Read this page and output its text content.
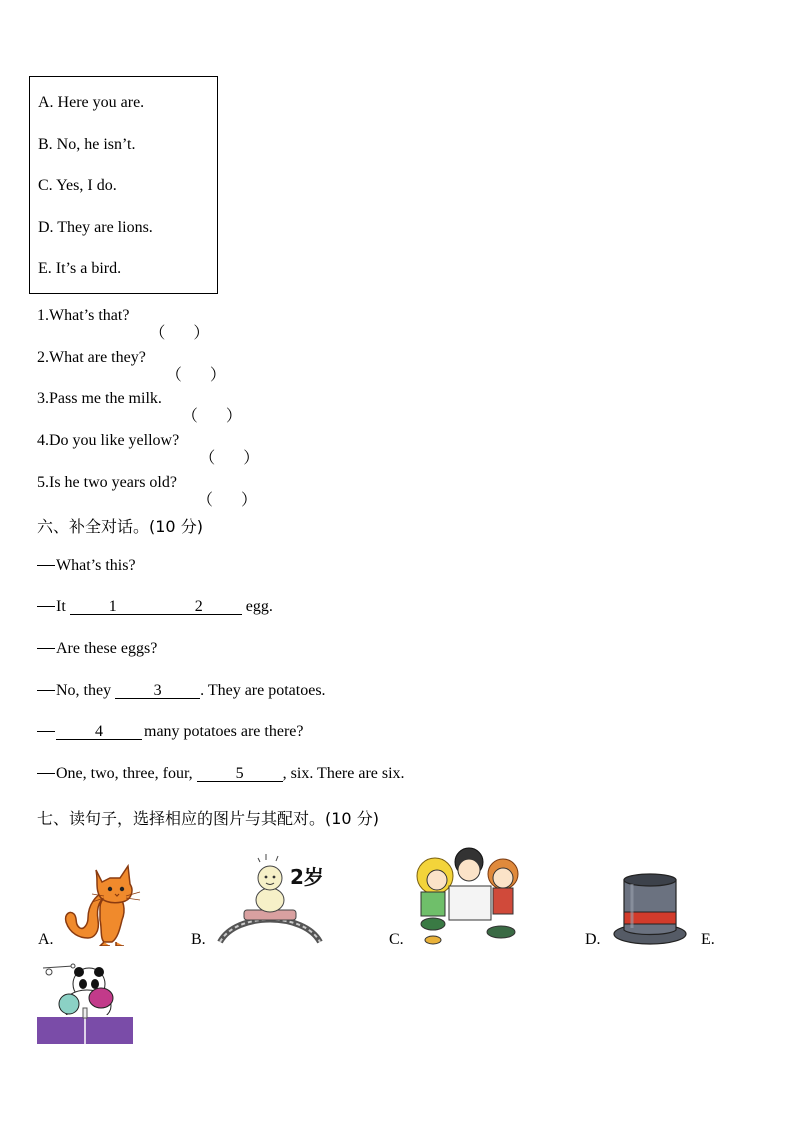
A. Here you are.
B. No, he isn’t.
C. Yes, I do.
D. They are lions.
E. It’s a bird.
1.What’s that?
（ ）
2.What are they?
（ ）
3.Pass me the milk.
（ ）
4.Do you like yellow?
（ ）
5.Is he two years old?
（ ）
六、补全对话。(10 分)
What’s this?
It 1	2 egg.
Are these eggs?
No, they 3 . They are potatoes.
4	many potatoes are there?
One, two, three, four, 5 , six. There are six.
七、读句子，选择相应的图片与其配对。(10 分)
A.
2岁
B.	C.	D.	E.
